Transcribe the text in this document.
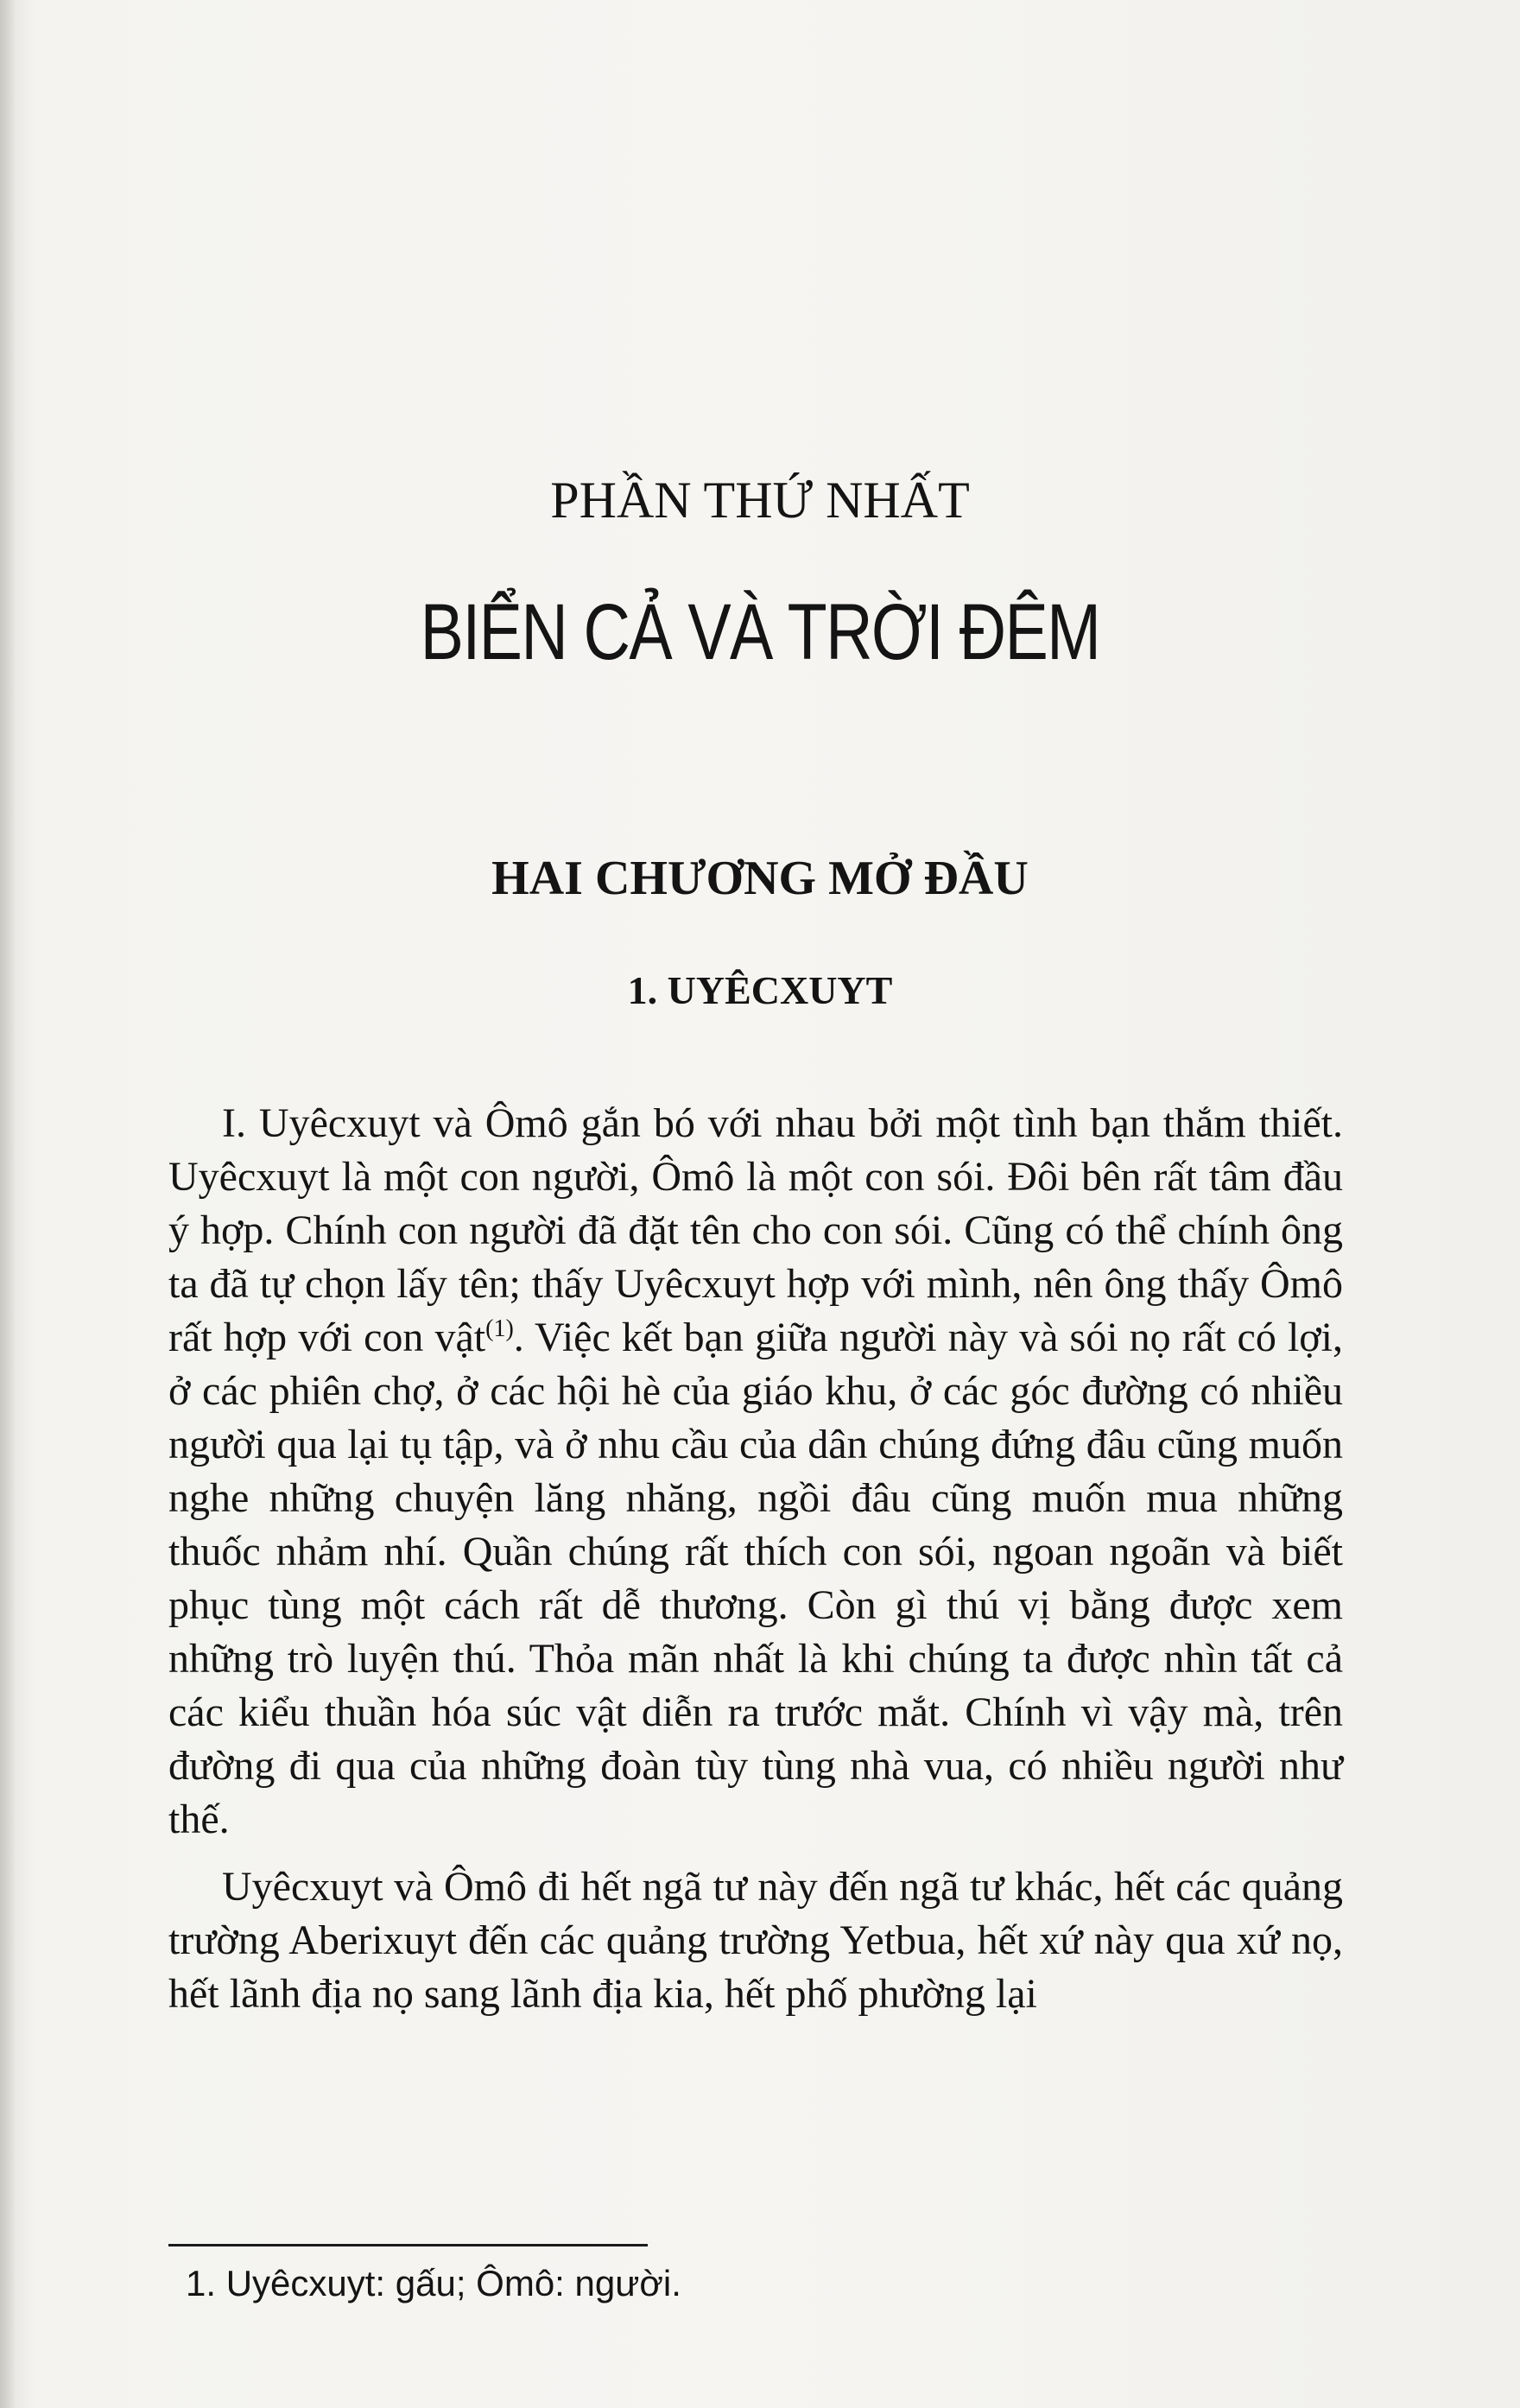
PHẦN THỨ NHẤT
BIỂN CẢ VÀ TRỜI ĐÊM
HAI CHƯƠNG MỞ ĐẦU
1. UYÊCXUYT

I. Uyêcxuyt và Ômô gắn bó với nhau bởi một tình bạn thắm thiết. Uyêcxuyt là một con người, Ômô là một con sói. Đôi bên rất tâm đầu ý hợp. Chính con người đã đặt tên cho con sói. Cũng có thể chính ông ta đã tự chọn lấy tên; thấy Uyêcxuyt hợp với mình, nên ông thấy Ômô rất hợp với con vật$^{(1)}$. Việc kết bạn giữa người này và sói nọ rất có lợi, ở các phiên chợ, ở các hội hè của giáo khu, ở các góc đường có nhiều người qua lại tụ tập, và ở nhu cầu của dân chúng đứng đâu cũng muốn nghe những chuyện lăng nhăng, ngồi đâu cũng muốn mua những thuốc nhảm nhí. Quần chúng rất thích con sói, ngoan ngoãn và biết phục tùng một cách rất dễ thương. Còn gì thú vị bằng được xem những trò luyện thú. Thỏa mãn nhất là khi chúng ta được nhìn tất cả các kiểu thuần hóa súc vật diễn ra trước mắt. Chính vì vậy mà, trên đường đi qua của những đoàn tùy tùng nhà vua, có nhiều người như thế.

Uyêcxuyt và Ômô đi hết ngã tư này đến ngã tư khác, hết các quảng trường Aberixuyt đến các quảng trường Yetbua, hết xứ này qua xứ nọ, hết lãnh địa nọ sang lãnh địa kia, hết phố phường lại

1. Uyêcxuyt: gấu; Ômô: người.
